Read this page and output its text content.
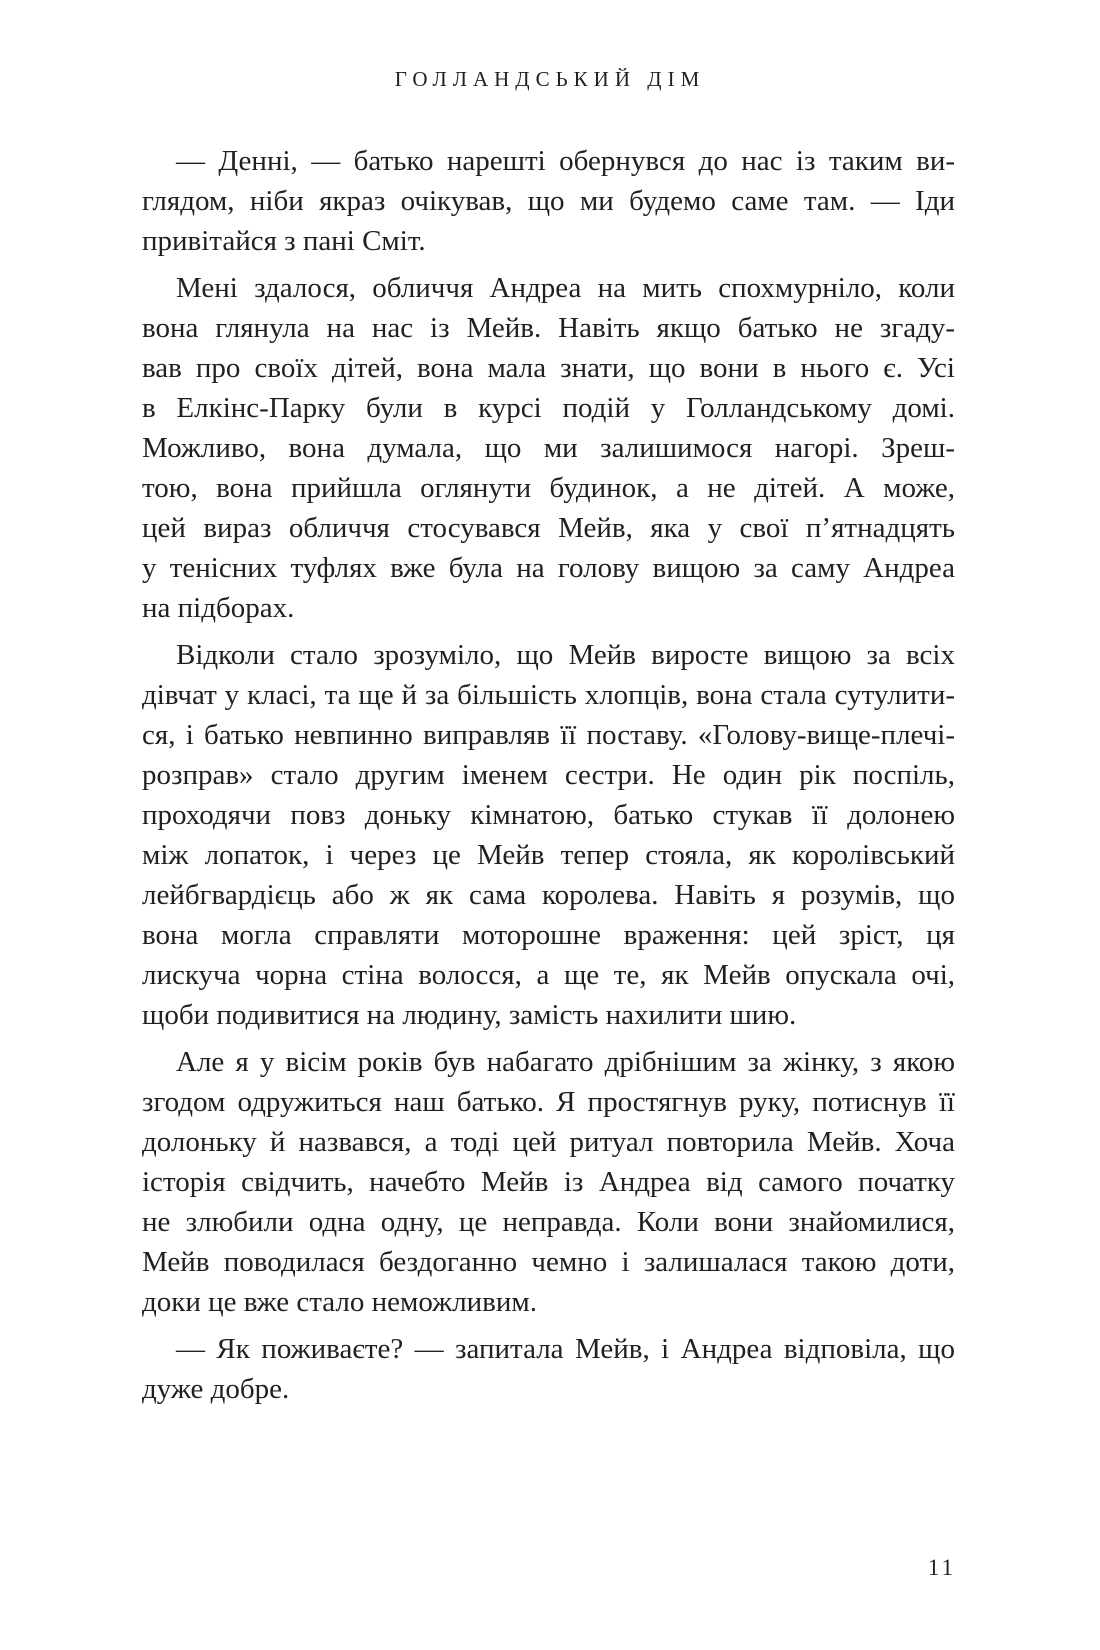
ГОЛЛАНДСЬКИЙ ДІМ

— Денні, — батько нарешті обернувся до нас із таким ви-
глядом, ніби якраз очікував, що ми будемо саме там. — Іди
привітайся з пані Сміт.

Мені здалося, обличчя Андреа на мить спохмурніло, коли
вона глянула на нас із Мейв. Навіть якщо батько не згаду-
вав про своїх дітей, вона мала знати, що вони в нього є. Усі
в Елкінс-Парку були в курсі подій у Голландському домі.
Можливо, вона думала, що ми залишимося нагорі. Зреш-
тою, вона прийшла оглянути будинок, а не дітей. А може,
цей вираз обличчя стосувався Мейв, яка у свої п’ятнадцять
у тенісних туфлях вже була на голову вищою за саму Андреа
на підборах.

Відколи стало зрозуміло, що Мейв виросте вищою за всіх
дівчат у класі, та ще й за більшість хлопців, вона стала сутулити-
ся, і батько невпинно виправляв її поставу. «Голову-вище-плечі-
розправ» стало другим іменем сестри. Не один рік поспіль,
проходячи повз доньку кімнатою, батько стукав її долонею
між лопаток, і через це Мейв тепер стояла, як королівський
лейбгвардієць або ж як сама королева. Навіть я розумів, що
вона могла справляти моторошне враження: цей зріст, ця
лискуча чорна стіна волосся, а ще те, як Мейв опускала очі,
щоби подивитися на людину, замість нахилити шию.

Але я у вісім років був набагато дрібнішим за жінку, з якою
згодом одружиться наш батько. Я простягнув руку, потиснув її
долоньку й назвався, а тоді цей ритуал повторила Мейв. Хоча
історія свідчить, начебто Мейв із Андреа від самого початку
не злюбили одна одну, це неправда. Коли вони знайомилися,
Мейв поводилася бездоганно чемно і залишалася такою доти,
доки це вже стало неможливим.

— Як поживаєте? — запитала Мейв, і Андреа відповіла, що
дуже добре.

11
